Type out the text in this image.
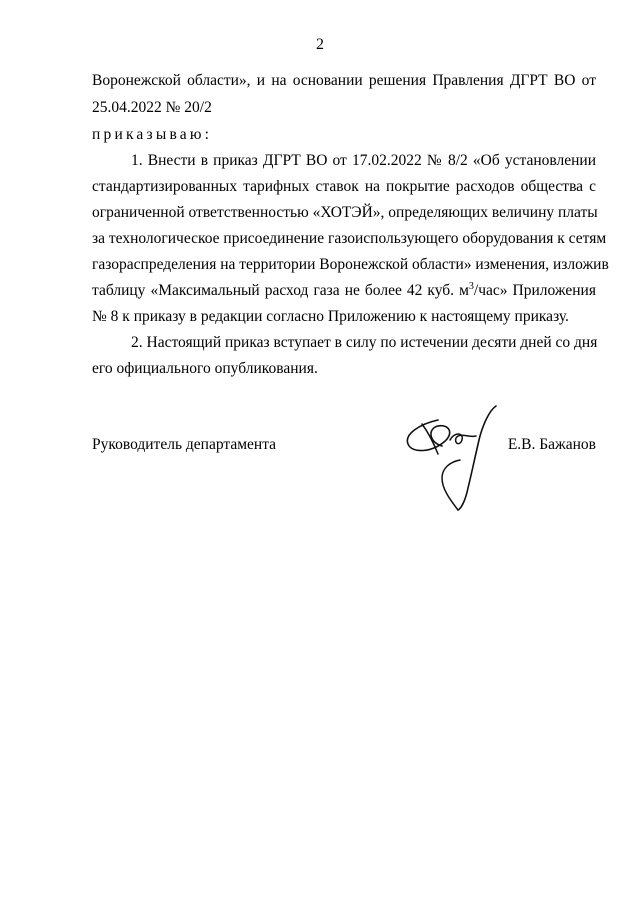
2
Воронежской области», и на основании решения Правления ДГРТ ВО от
25.04.2022 № 20/2
приказываю:
1. Внести в приказ ДГРТ ВО от 17.02.2022 № 8/2 «Об установлении
стандартизированных тарифных ставок на покрытие расходов общества с
ограниченной ответственностью «ХОТЭЙ», определяющих величину платы
за технологическое присоединение газоиспользующего оборудования к сетям
газораспределения на территории Воронежской области» изменения, изложив
таблицу «Максимальный расход газа не более 42 куб. $м^3$/час» Приложения
№ 8 к приказу в редакции согласно Приложению к настоящему приказу.
2. Настоящий приказ вступает в силу по истечении десяти дней со дня
его официального опубликования.
Руководитель департамента	Е.В. Бажанов
